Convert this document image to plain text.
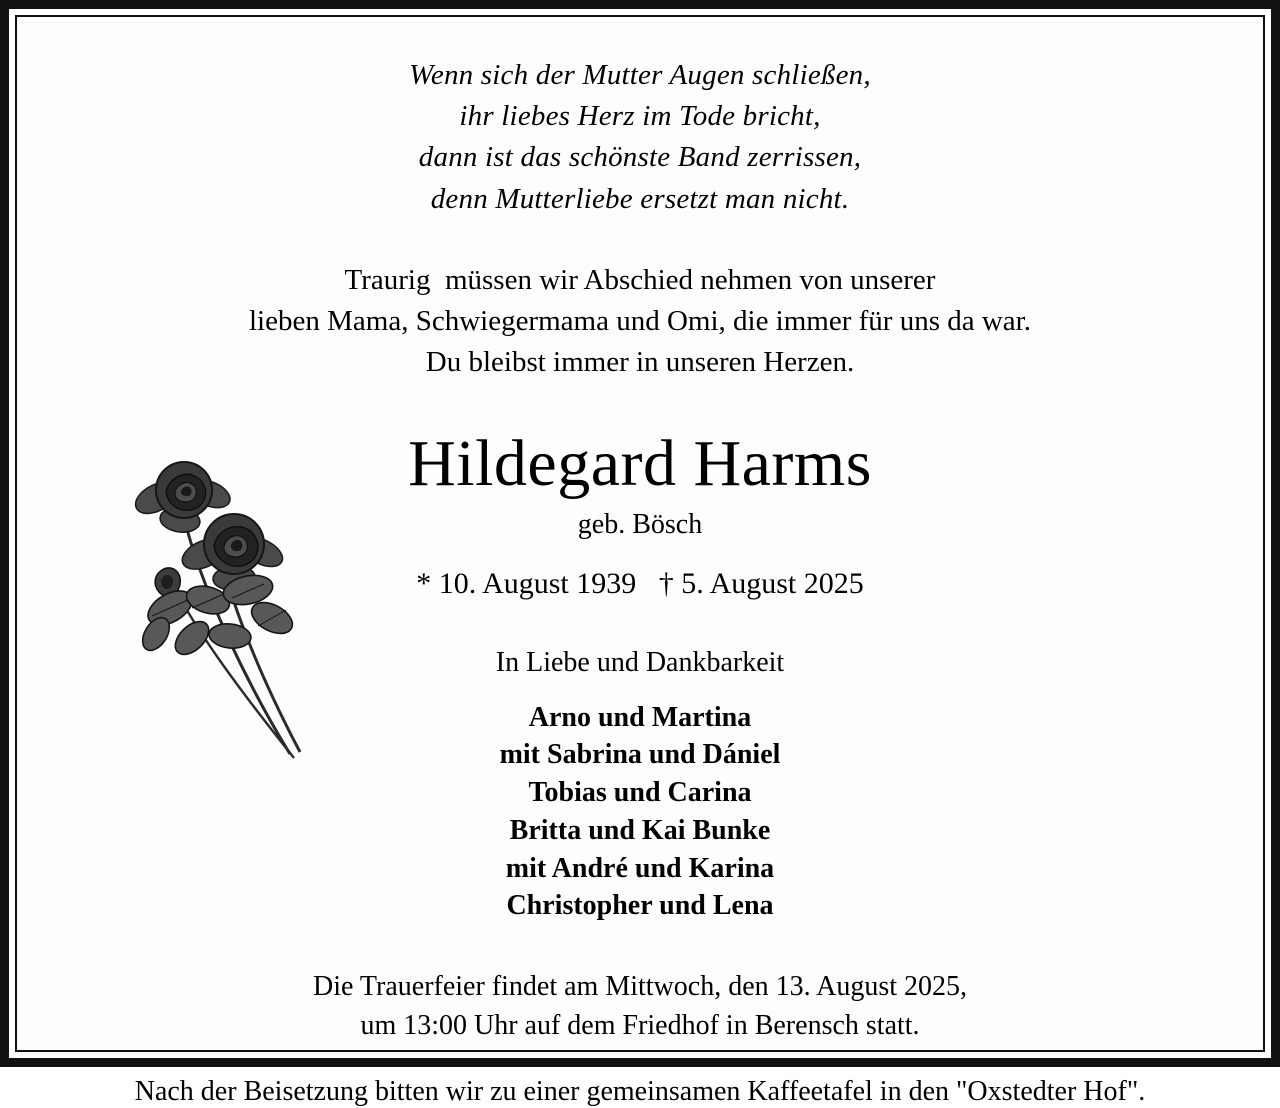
Wenn sich der Mutter Augen schließen,
ihr liebes Herz im Tode bricht,
dann ist das schönste Band zerrissen,
denn Mutterliebe ersetzt man nicht.
Traurig  müssen wir Abschied nehmen von unserer
lieben Mama, Schwiegermama und Omi, die immer für uns da war.
Du bleibst immer in unseren Herzen.
Hildegard Harms
geb. Bösch
* 10. August 1939   † 5. August 2025
In Liebe und Dankbarkeit
Arno und Martina
mit Sabrina und Dániel
Tobias und Carina
Britta und Kai Bunke
mit André und Karina
Christopher und Lena
Die Trauerfeier findet am Mittwoch, den 13. August 2025,
um 13:00 Uhr auf dem Friedhof in Berensch statt.
Nach der Beisetzung bitten wir zu einer gemeinsamen Kaffeetafel in den "Oxstedter Hof".
